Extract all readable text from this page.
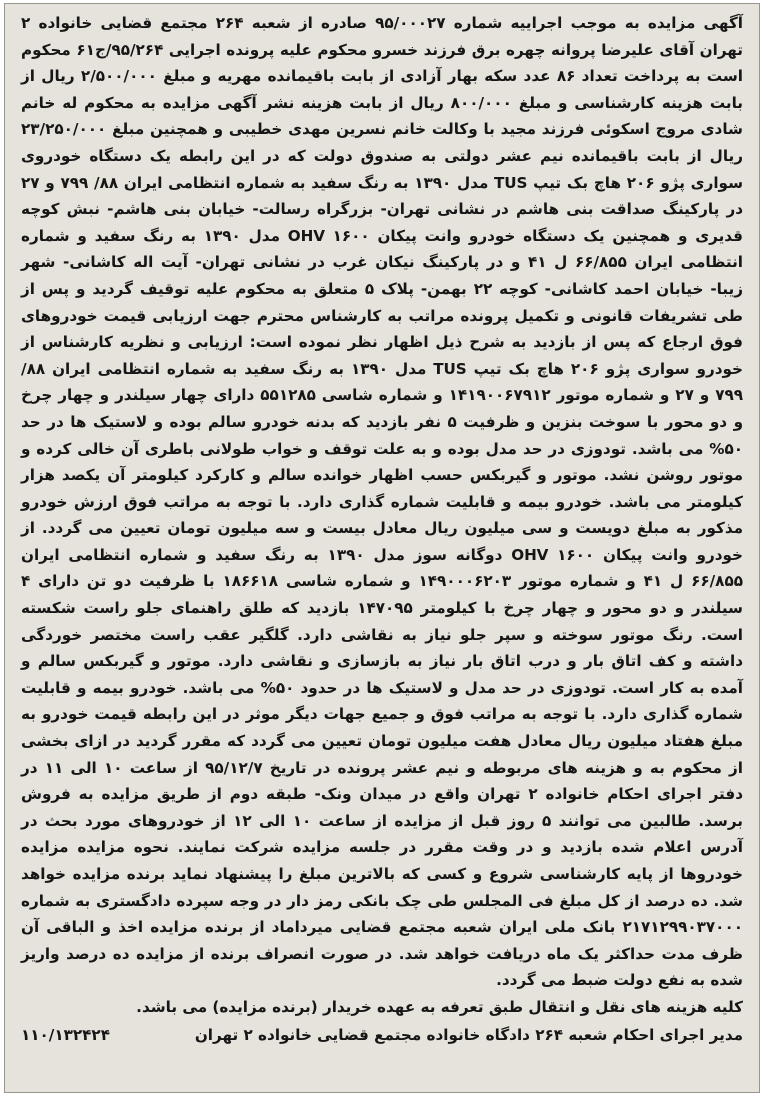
آگهی مزایده به موجب اجراییه شماره ۹۵/۰۰۰۲۷ صادره از شعبه ۲۶۴ مجتمع قضایی خانواده ۲ تهران آقای علیرضا پروانه چهره برق فرزند خسرو محکوم علیه پرونده اجرایی ۹۵/۲۶۴/ج۶۱ محکوم است به پرداخت تعداد ۸۶ عدد سکه بهار آزادی از بابت باقیمانده مهریه و مبلغ ۲/۵۰۰/۰۰۰ ریال از بابت هزینه کارشناسی و مبلغ ۸۰۰/۰۰۰ ریال از بابت هزینه نشر آگهی مزایده به محکوم له خانم شادی مروج اسکوئی فرزند مجید با وکالت خانم نسرین مهدی خطیبی و همچنین مبلغ ۲۳/۲۵۰/۰۰۰ ریال از بابت باقیمانده نیم عشر دولتی به صندوق دولت که در این رابطه یک دستگاه خودروی سواری پژو ۲۰۶ هاچ بک تیپ TUS مدل ۱۳۹۰ به رنگ سفید به شماره انتظامی ایران ۸۸/ ۷۹۹ و ۲۷ در پارکینگ صداقت بنی هاشم در نشانی تهران- بزرگراه رسالت- خیابان بنی هاشم- نبش کوچه قدیری و همچنین یک دستگاه خودرو وانت پیکان OHV ۱۶۰۰ مدل ۱۳۹۰ به رنگ سفید و شماره انتظامی ایران ۶۶/۸۵۵ ل ۴۱ و در پارکینگ نیکان غرب در نشانی تهران- آیت اله کاشانی- شهر زیبا- خیابان احمد کاشانی- کوچه ۲۲ بهمن- پلاک ۵ متعلق به محکوم علیه توقیف گردید و پس از طی تشریفات قانونی و تکمیل پرونده مراتب به کارشناس محترم جهت ارزیابی قیمت خودروهای فوق ارجاع که پس از بازدید به شرح ذیل اظهار نظر نموده است: ارزیابی و نظریه کارشناس از خودرو سواری پژو ۲۰۶ هاچ بک تیپ TUS مدل ۱۳۹۰ به رنگ سفید به شماره انتظامی ایران ۸۸/ ۷۹۹ و ۲۷ و شماره موتور ۱۴۱۹۰۰۶۷۹۱۲ و شماره شاسی ۵۵۱۲۸۵ دارای چهار سیلندر و چهار چرخ و دو محور با سوخت بنزین و ظرفیت ۵ نفر بازدید که بدنه خودرو سالم بوده و لاستیک ها در حد ۵۰% می باشد. تودوزی در حد مدل بوده و به علت توقف و خواب طولانی باطری آن خالی کرده و موتور روشن نشد. موتور و گیربکس حسب اظهار خوانده سالم و کارکرد کیلومتر آن یکصد هزار کیلومتر می باشد. خودرو بیمه و قابلیت شماره گذاری دارد. با توجه به مراتب فوق ارزش خودرو مذکور به مبلغ دویست و سی میلیون ریال معادل بیست و سه میلیون تومان تعیین می گردد. از خودرو وانت پیکان OHV ۱۶۰۰ دوگانه سوز مدل ۱۳۹۰ به رنگ سفید و شماره انتظامی ایران ۶۶/۸۵۵ ل ۴۱ و شماره موتور ۱۴۹۰۰۰۶۲۰۳ و شماره شاسی ۱۸۶۶۱۸ با ظرفیت دو تن دارای ۴ سیلندر و دو محور و چهار چرخ با کیلومتر ۱۴۷۰۹۵ بازدید که طلق راهنمای جلو راست شکسته است. رنگ موتور سوخته و سپر جلو نیاز به نقاشی دارد. گلگیر عقب راست مختصر خوردگی داشته و کف اتاق بار و درب اتاق بار نیاز به بازسازی و نقاشی دارد. موتور و گیربکس سالم و آمده به کار است. تودوزی در حد مدل و لاستیک ها در حدود ۵۰% می باشد. خودرو بیمه و قابلیت شماره گذاری دارد. با توجه به مراتب فوق و جمیع جهات دیگر موثر در این رابطه قیمت خودرو به مبلغ هفتاد میلیون ریال معادل هفت میلیون تومان تعیین می گردد که مقرر گردید در ازای بخشی از محکوم به و هزینه های مربوطه و نیم عشر پرونده در تاریخ ۹۵/۱۲/۷ از ساعت ۱۰ الی ۱۱ در دفتر اجرای احکام خانواده ۲ تهران واقع در میدان ونک- طبقه دوم از طریق مزایده به فروش برسد. طالبین می توانند ۵ روز قبل از مزایده از ساعت ۱۰ الی ۱۲ از خودروهای مورد بحث در آدرس اعلام شده بازدید و در وقت مقرر در جلسه مزایده شرکت نمایند. نحوه مزایده مزایده خودروها از پایه کارشناسی شروع و کسی که بالاترین مبلغ را پیشنهاد نماید برنده مزایده خواهد شد. ده درصد از کل مبلغ فی المجلس طی چک بانکی رمز دار در وجه سپرده دادگستری به شماره ۲۱۷۱۲۹۹۰۳۷۰۰۰ بانک ملی ایران شعبه مجتمع قضایی میرداماد از برنده مزایده اخذ و الباقی آن ظرف مدت حداکثر یک ماه دریافت خواهد شد. در صورت انصراف برنده از مزایده ده درصد واریز شده به نفع دولت ضبط می گردد.

کلیه هزینه های نقل و انتقال طبق تعرفه به عهده خریدار (برنده مزایده) می باشد.

مدیر اجرای احکام شعبه ۲۶۴ دادگاه خانواده مجتمع قضایی خانواده ۲ تهران
۱۱۰/۱۳۲۴۲۴
